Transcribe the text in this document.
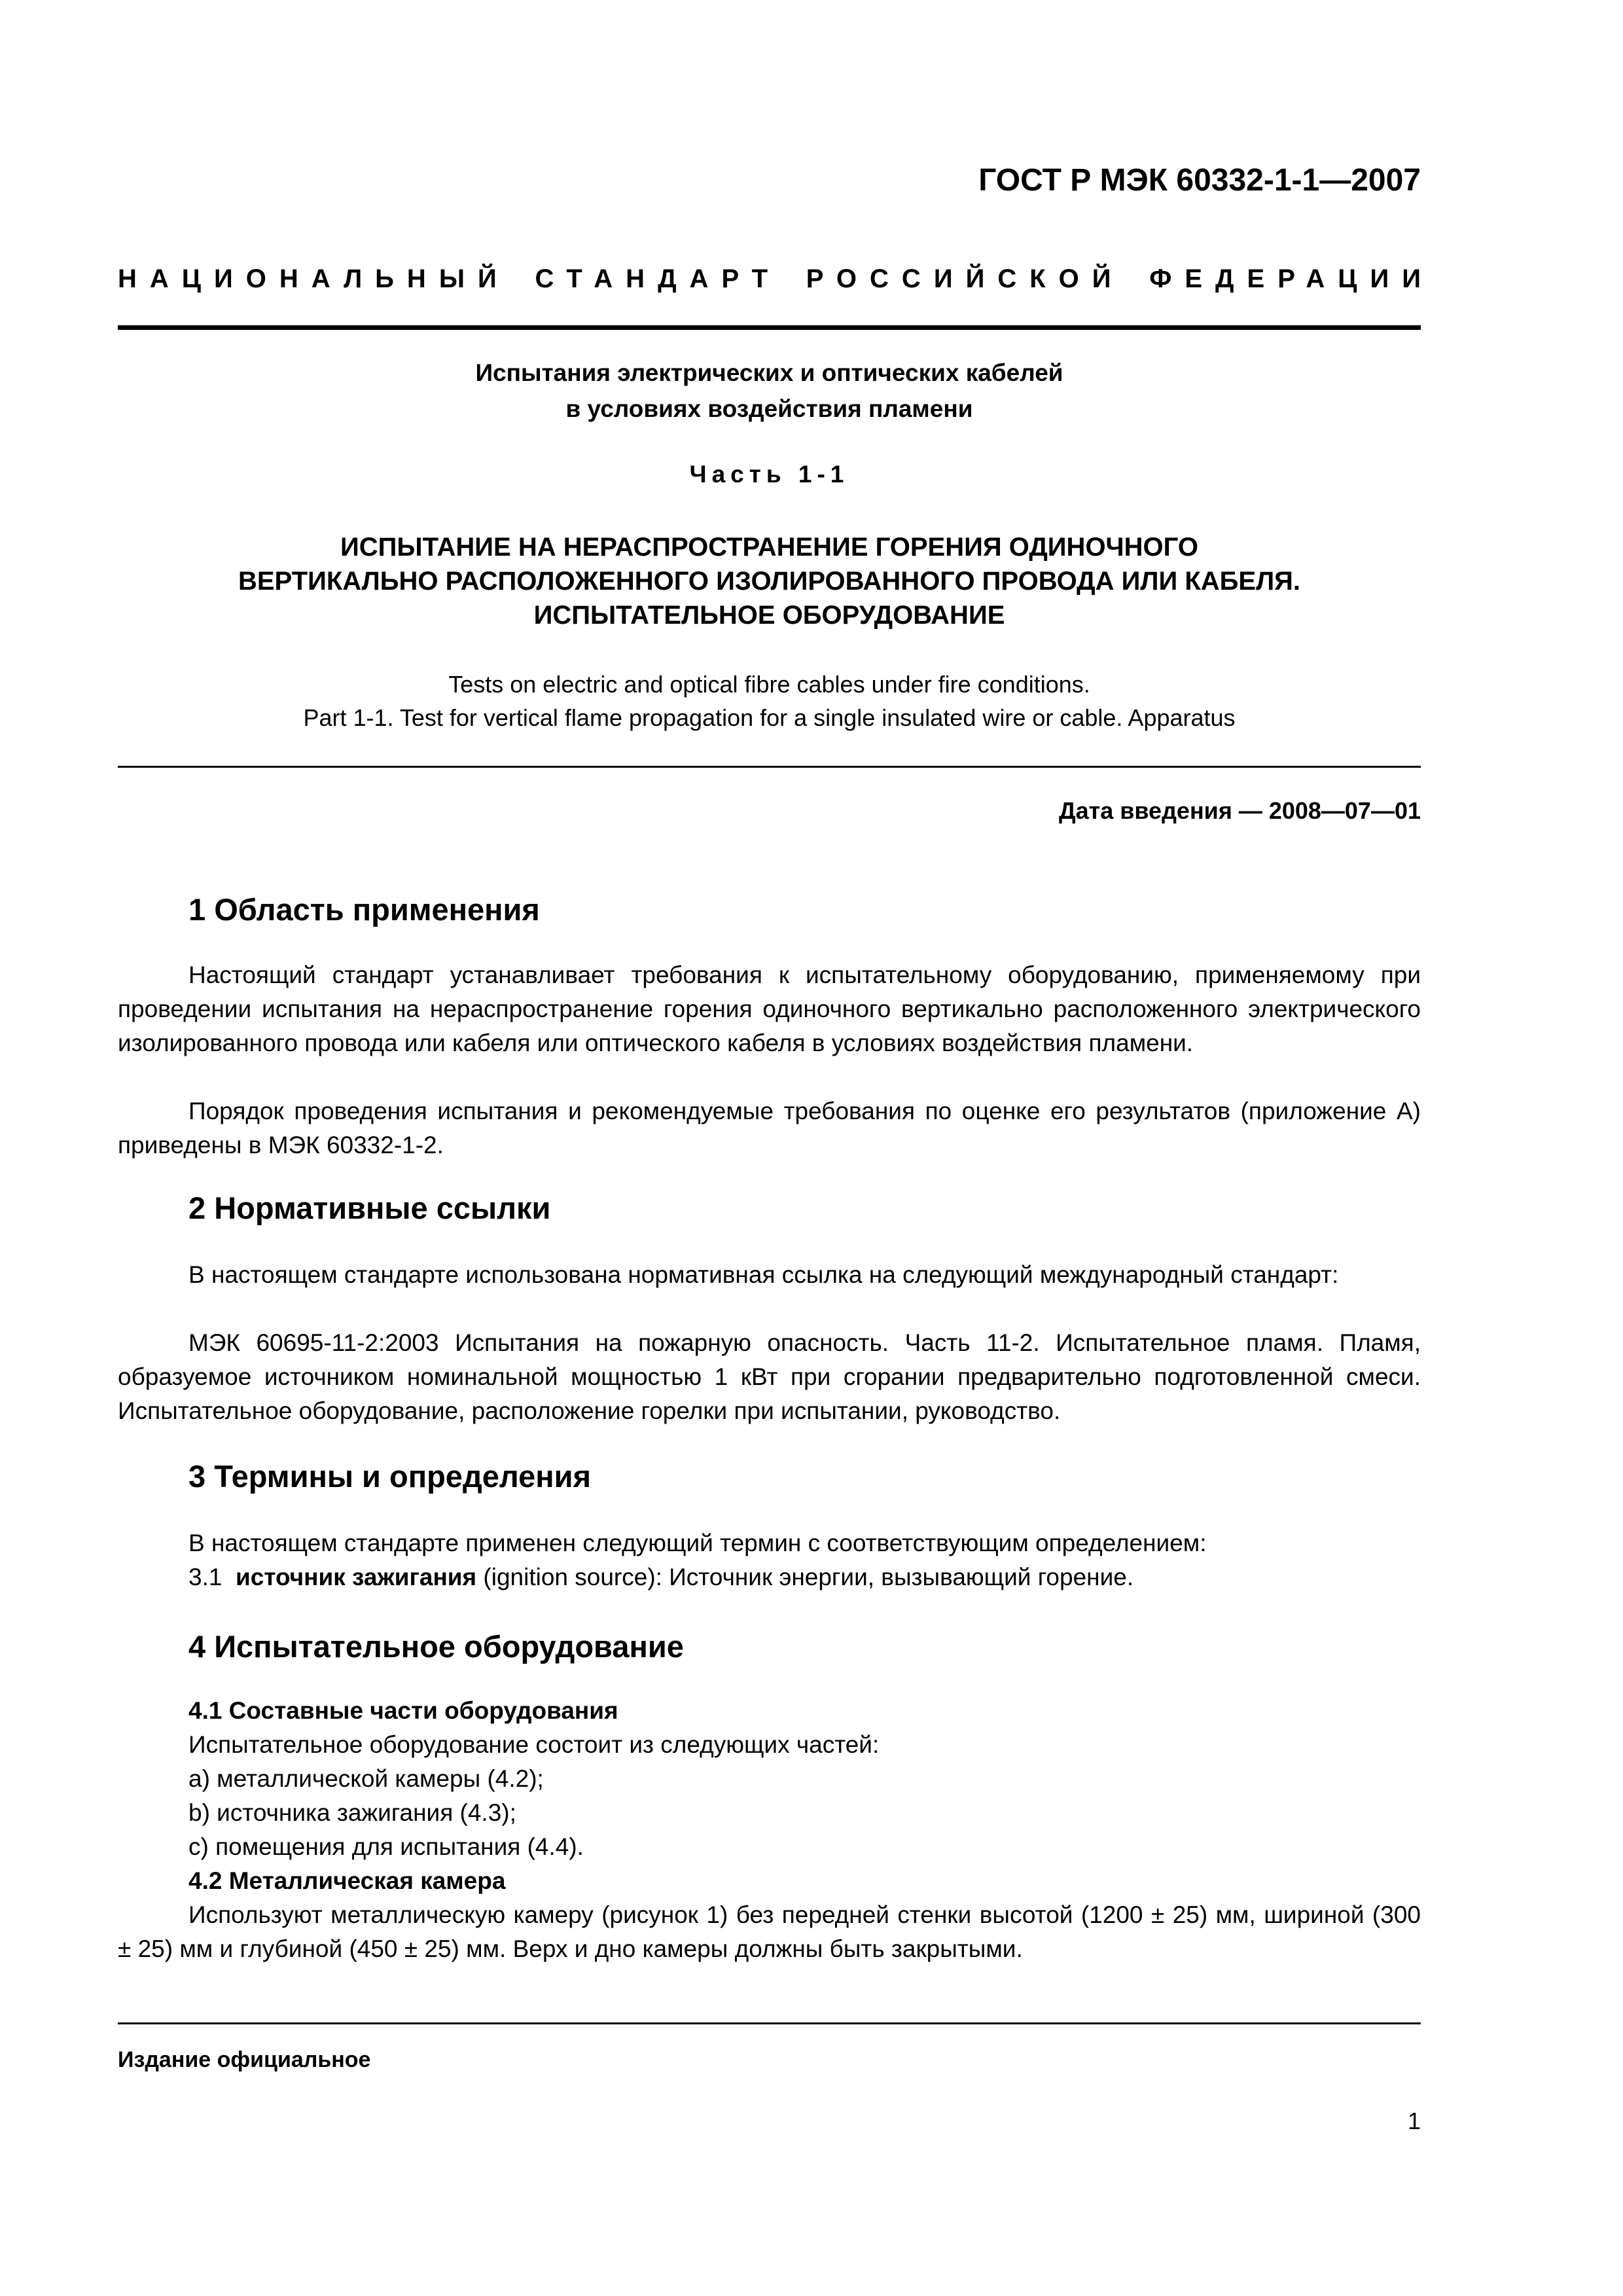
ГОСТ Р МЭК 60332-1-1—2007
НАЦИОНАЛЬНЫЙ СТАНДАРТ РОССИЙСКОЙ ФЕДЕРАЦИИ
Испытания электрических и оптических кабелей
в условиях воздействия пламени
Часть 1-1
ИСПЫТАНИЕ НА НЕРАСПРОСТРАНЕНИЕ ГОРЕНИЯ ОДИНОЧНОГО
ВЕРТИКАЛЬНО РАСПОЛОЖЕННОГО ИЗОЛИРОВАННОГО ПРОВОДА ИЛИ КАБЕЛЯ.
ИСПЫТАТЕЛЬНОЕ ОБОРУДОВАНИЕ
Tests on electric and optical fibre cables under fire conditions.
Part 1-1. Test for vertical flame propagation for a single insulated wire or cable. Apparatus
Дата введения — 2008—07—01
1 Область применения
Настоящий стандарт устанавливает требования к испытательному оборудованию, применяемому при проведении испытания на нераспространение горения одиночного вертикально расположенного электрического изолированного провода или кабеля или оптического кабеля в условиях воздействия пламени.
Порядок проведения испытания и рекомендуемые требования по оценке его результатов (приложение А) приведены в МЭК 60332-1-2.
2 Нормативные ссылки
В настоящем стандарте использована нормативная ссылка на следующий международный стандарт:
МЭК 60695-11-2:2003 Испытания на пожарную опасность. Часть 11-2. Испытательное пламя. Пламя, образуемое источником номинальной мощностью 1 кВт при сгорании предварительно подготовленной смеси. Испытательное оборудование, расположение горелки при испытании, руководство.
3 Термины и определения
В настоящем стандарте применен следующий термин с соответствующим определением:
3.1 источник зажигания (ignition source): Источник энергии, вызывающий горение.
4 Испытательное оборудование
4.1 Составные части оборудования
Испытательное оборудование состоит из следующих частей:
a) металлической камеры (4.2);
b) источника зажигания (4.3);
c) помещения для испытания (4.4).
4.2 Металлическая камера
Используют металлическую камеру (рисунок 1) без передней стенки высотой (1200 ± 25) мм, шириной (300 ± 25) мм и глубиной (450 ± 25) мм. Верх и дно камеры должны быть закрытыми.
Издание официальное
1
